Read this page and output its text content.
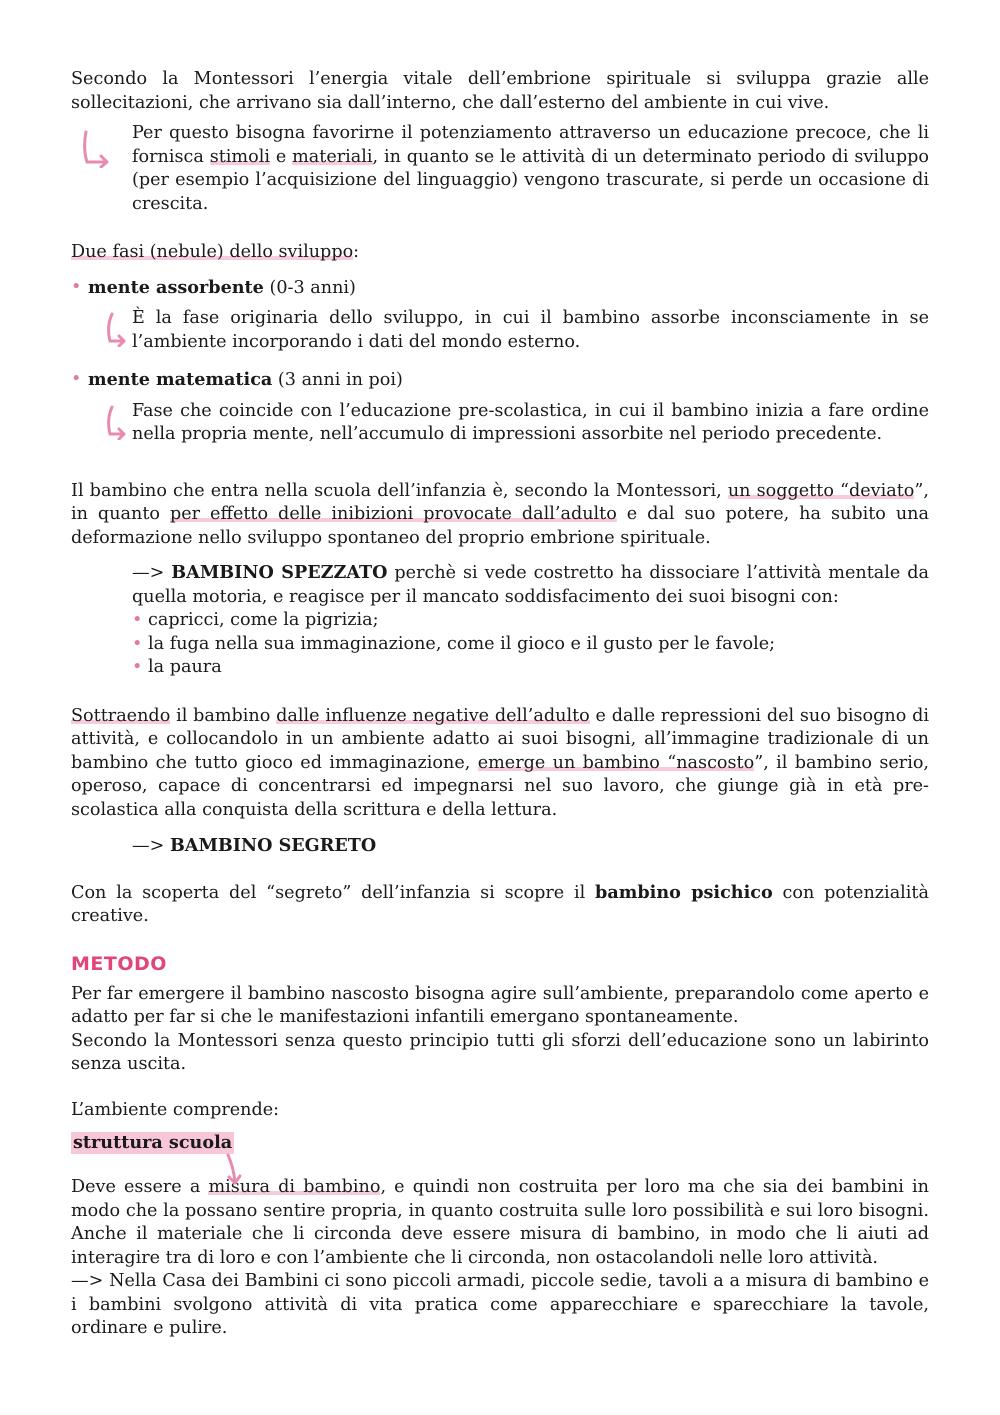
Secondo la Montessori l’energia vitale dell’embrione spirituale si sviluppa grazie alle sollecitazioni, che arrivano sia dall’interno, che dall’esterno del ambiente in cui vive.

Per questo bisogna favorirne il potenziamento attraverso un educazione precoce, che li fornisca stimoli e materiali, in quanto se le attività di un determinato periodo di sviluppo (per esempio l’acquisizione del linguaggio) vengono trascurate, si perde un occasione di crescita.

Due fasi (nebule) dello sviluppo:

• mente assorbente (0-3 anni)

È la fase originaria dello sviluppo, in cui il bambino assorbe inconsciamente in se l’ambiente incorporando i dati del mondo esterno.

• mente matematica (3 anni in poi)

Fase che coincide con l’educazione pre-scolastica, in cui il bambino inizia a fare ordine nella propria mente, nell’accumulo di impressioni assorbite nel periodo precedente.

Il bambino che entra nella scuola dell’infanzia è, secondo la Montessori, un soggetto “deviato”, in quanto per effetto delle inibizioni provocate dall’adulto e dal suo potere, ha subito una deformazione nello sviluppo spontaneo del proprio embrione spirituale.

—> BAMBINO SPEZZATO perchè si vede costretto ha dissociare l’attività mentale da quella motoria, e reagisce per il mancato soddisfacimento dei suoi bisogni con:

• capricci, come la pigrizia;
• la fuga nella sua immaginazione, come il gioco e il gusto per le favole;
• la paura

Sottraendo il bambino dalle influenze negative dell’adulto e dalle repressioni del suo bisogno di attività, e collocandolo in un ambiente adatto ai suoi bisogni, all’immagine tradizionale di un bambino che tutto gioco ed immaginazione, emerge un bambino “nascosto”, il bambino serio, operoso, capace di concentrarsi ed impegnarsi nel suo lavoro, che giunge già in età pre-scolastica alla conquista della scrittura e della lettura.

—> BAMBINO SEGRETO

Con la scoperta del “segreto” dell’infanzia si scopre il bambino psichico con potenzialità creative.

METODO

Per far emergere il bambino nascosto bisogna agire sull’ambiente, preparandolo come aperto e adatto per far si che le manifestazioni infantili emergano spontaneamente.

Secondo la Montessori senza questo principio tutti gli sforzi dell’educazione sono un labirinto senza uscita.

L’ambiente comprende:

struttura scuola

Deve essere a misura di bambino, e quindi non costruita per loro ma che sia dei bambini in modo che la possano sentire propria, in quanto costruita sulle loro possibilità e sui loro bisogni. Anche il materiale che li circonda deve essere misura di bambino, in modo che li aiuti ad interagire tra di loro e con l’ambiente che li circonda, non ostacolandoli nelle loro attività.

—> Nella Casa dei Bambini ci sono piccoli armadi, piccole sedie, tavoli a a misura di bambino e i bambini svolgono attività di vita pratica come apparecchiare e sparecchiare la tavole, ordinare e pulire.
